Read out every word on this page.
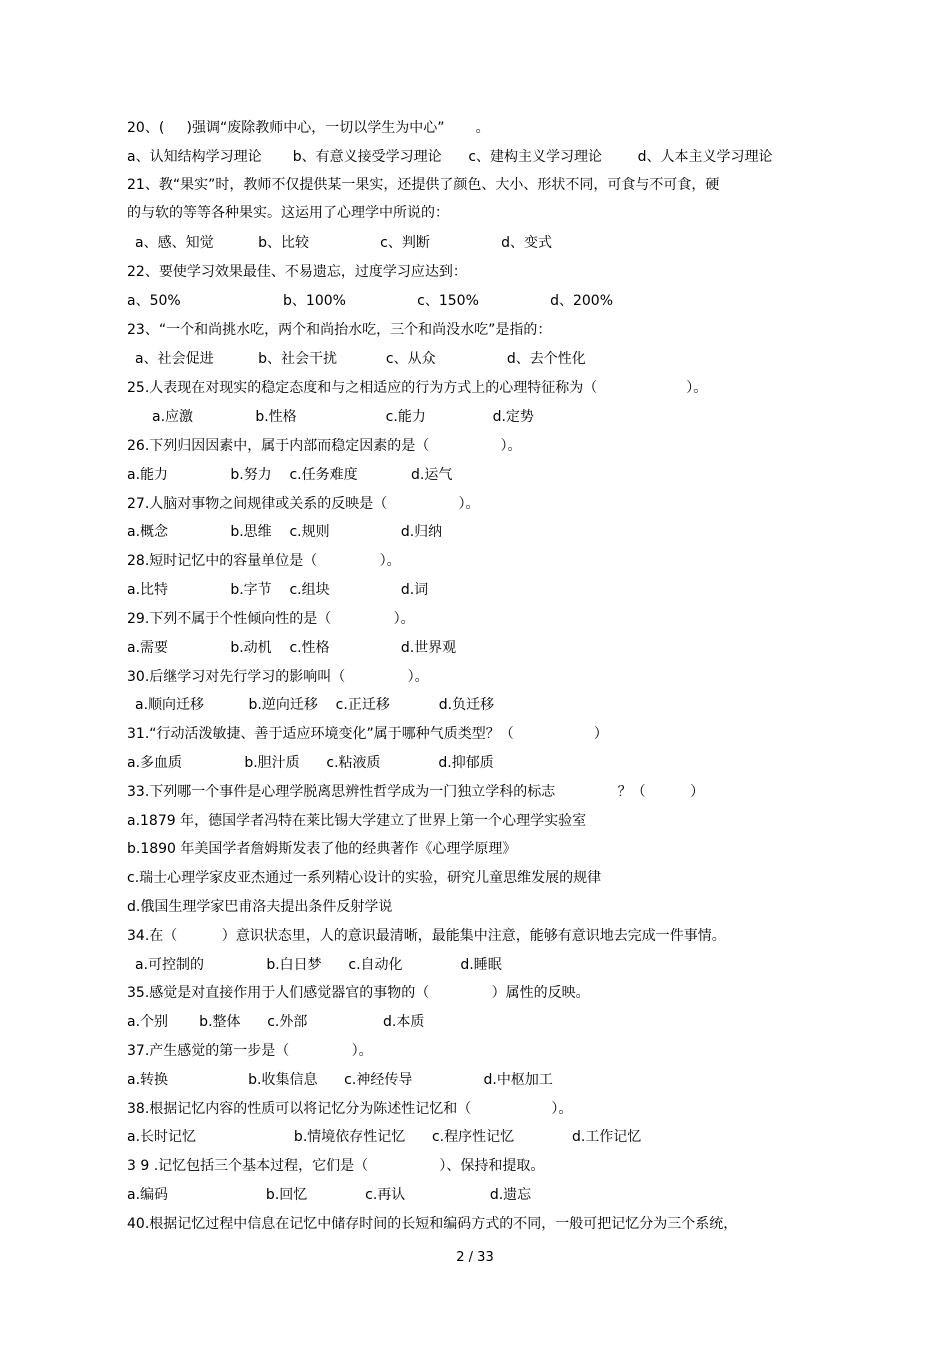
20、(     )强调“废除教师中心，一切以学生为中心”       。
a、认知结构学习理论       b、有意义接受学习理论      c、建构主义学习理论        d、人本主义学习理论
21、教“果实”时，教师不仅提供某一果实，还提供了颜色、大小、形状不同，可食与不可食，硬
的与软的等等各种果实。这运用了心理学中所说的：
a、感、知觉          b、比较                c、判断                d、变式
22、要使学习效果最佳、不易遗忘，过度学习应达到：
a、50%                       b、100%                c、150%                d、200%
23、“一个和尚挑水吃，两个和尚抬水吃，三个和尚没水吃”是指的：
a、社会促进          b、社会干扰           c、从众                d、去个性化
25.人表现在对现实的稳定态度和与之相适应的行为方式上的心理特征称为（                    ）。
a.应激              b.性格                    c.能力               d.定势
26.下列归因因素中，属于内部而稳定因素的是（                ）。
a.能力              b.努力    c.任务难度            d.运气
27.人脑对事物之间规律或关系的反映是（                ）。
a.概念              b.思维    c.规则                d.归纳
28.短时记忆中的容量单位是（              ）。
a.比特              b.字节    c.组块                d.词
29.下列不属于个性倾向性的是（              ）。
a.需要              b.动机    c.性格                d.世界观
30.后继学习对先行学习的影响叫（              ）。
a.顺向迁移          b.逆向迁移    c.正迁移           d.负迁移
31.“行动活泼敏捷、善于适应环境变化”属于哪种气质类型？（                  ）
a.多血质              b.胆汁质      c.粘液质             d.抑郁质
33.下列哪一个事件是心理学脱离思辨性哲学成为一门独立学科的标志              ？（          ）
a.1879 年，德国学者冯特在莱比锡大学建立了世界上第一个心理学实验室
b.1890 年美国学者詹姆斯发表了他的经典著作《心理学原理》
c.瑞士心理学家皮亚杰通过一系列精心设计的实验，研究儿童思维发展的规律
d.俄国生理学家巴甫洛夫提出条件反射学说
34.在（          ）意识状态里，人的意识最清晰，最能集中注意，能够有意识地去完成一件事情。
a.可控制的              b.白日梦      c.自动化             d.睡眠
35.感觉是对直接作用于人们感觉器官的事物的（              ）属性的反映。
a.个别       b.整体      c.外部                 d.本质
37.产生感觉的第一步是（              ）。
a.转换                  b.收集信息      c.神经传导                d.中枢加工
38.根据记忆内容的性质可以将记忆分为陈述性记忆和（                  ）。
a.长时记忆                      b.情境依存性记忆      c.程序性记忆             d.工作记忆
3 9 .记忆包括三个基本过程，它们是（                ）、保持和提取。
a.编码                      b.回忆             c.再认                   d.遗忘
40.根据记忆过程中信息在记忆中储存时间的长短和编码方式的不同，一般可把记忆分为三个系统，
2 / 33
